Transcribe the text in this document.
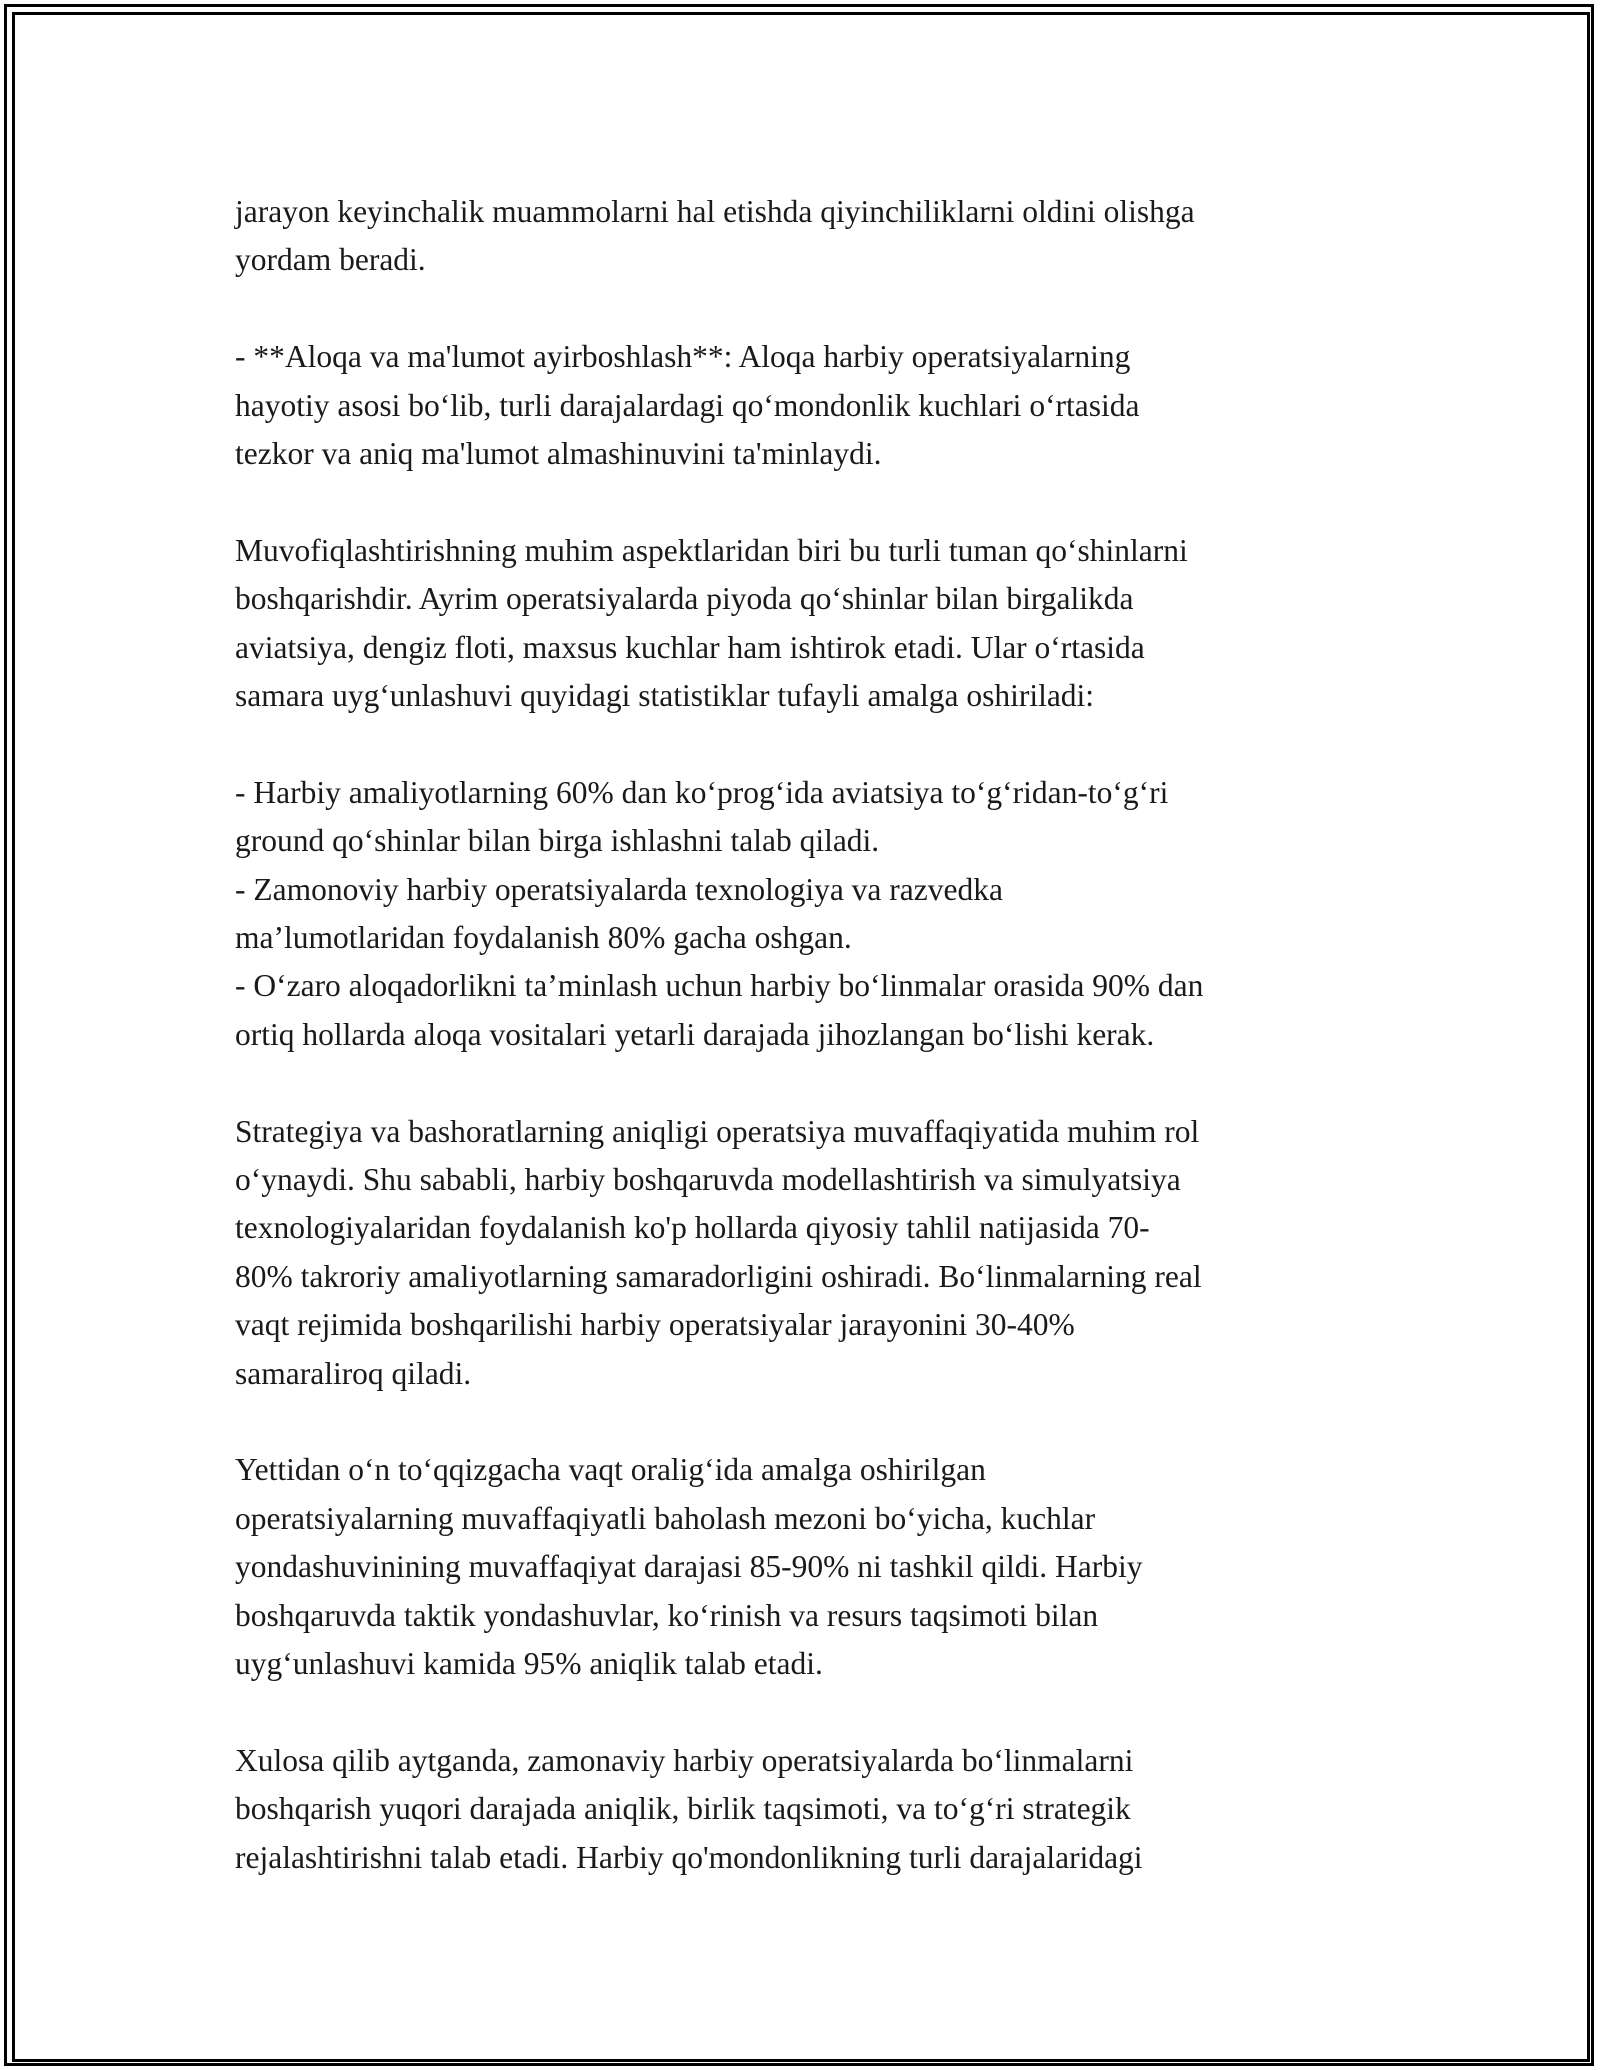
jarayon keyinchalik muammolarni hal etishda qiyinchiliklarni oldini olishga
yordam beradi.

- **Aloqa va ma'lumot ayirboshlash**: Aloqa harbiy operatsiyalarning
hayotiy asosi bo‘lib, turli darajalardagi qo‘mondonlik kuchlari o‘rtasida
tezkor va aniq ma'lumot almashinuvini ta'minlaydi.

Muvofiqlashtirishning muhim aspektlaridan biri bu turli tuman qo‘shinlarni
boshqarishdir. Ayrim operatsiyalarda piyoda qo‘shinlar bilan birgalikda
aviatsiya, dengiz floti, maxsus kuchlar ham ishtirok etadi. Ular o‘rtasida
samara uyg‘unlashuvi quyidagi statistiklar tufayli amalga oshiriladi:

- Harbiy amaliyotlarning 60% dan ko‘prog‘ida aviatsiya to‘g‘ridan-to‘g‘ri
ground qo‘shinlar bilan birga ishlashni talab qiladi.
- Zamonoviy harbiy operatsiyalarda texnologiya va razvedka
ma’lumotlaridan foydalanish 80% gacha oshgan.
- O‘zaro aloqadorlikni ta’minlash uchun harbiy bo‘linmalar orasida 90% dan
ortiq hollarda aloqa vositalari yetarli darajada jihozlangan bo‘lishi kerak.

Strategiya va bashoratlarning aniqligi operatsiya muvaffaqiyatida muhim rol
o‘ynaydi. Shu sababli, harbiy boshqaruvda modellashtirish va simulyatsiya
texnologiyalaridan foydalanish ko'p hollarda qiyosiy tahlil natijasida 70-
80% takroriy amaliyotlarning samaradorligini oshiradi. Bo‘linmalarning real
vaqt rejimida boshqarilishi harbiy operatsiyalar jarayonini 30-40%
samaraliroq qiladi.

Yettidan o‘n to‘qqizgacha vaqt oralig‘ida amalga oshirilgan
operatsiyalarning muvaffaqiyatli baholash mezoni bo‘yicha, kuchlar
yondashuvinining muvaffaqiyat darajasi 85-90% ni tashkil qildi. Harbiy
boshqaruvda taktik yondashuvlar, ko‘rinish va resurs taqsimoti bilan
uyg‘unlashuvi kamida 95% aniqlik talab etadi.

Xulosa qilib aytganda, zamonaviy harbiy operatsiyalarda bo‘linmalarni
boshqarish yuqori darajada aniqlik, birlik taqsimoti, va to‘g‘ri strategik
rejalashtirishni talab etadi. Harbiy qo'mondonlikning turli darajalaridagi
